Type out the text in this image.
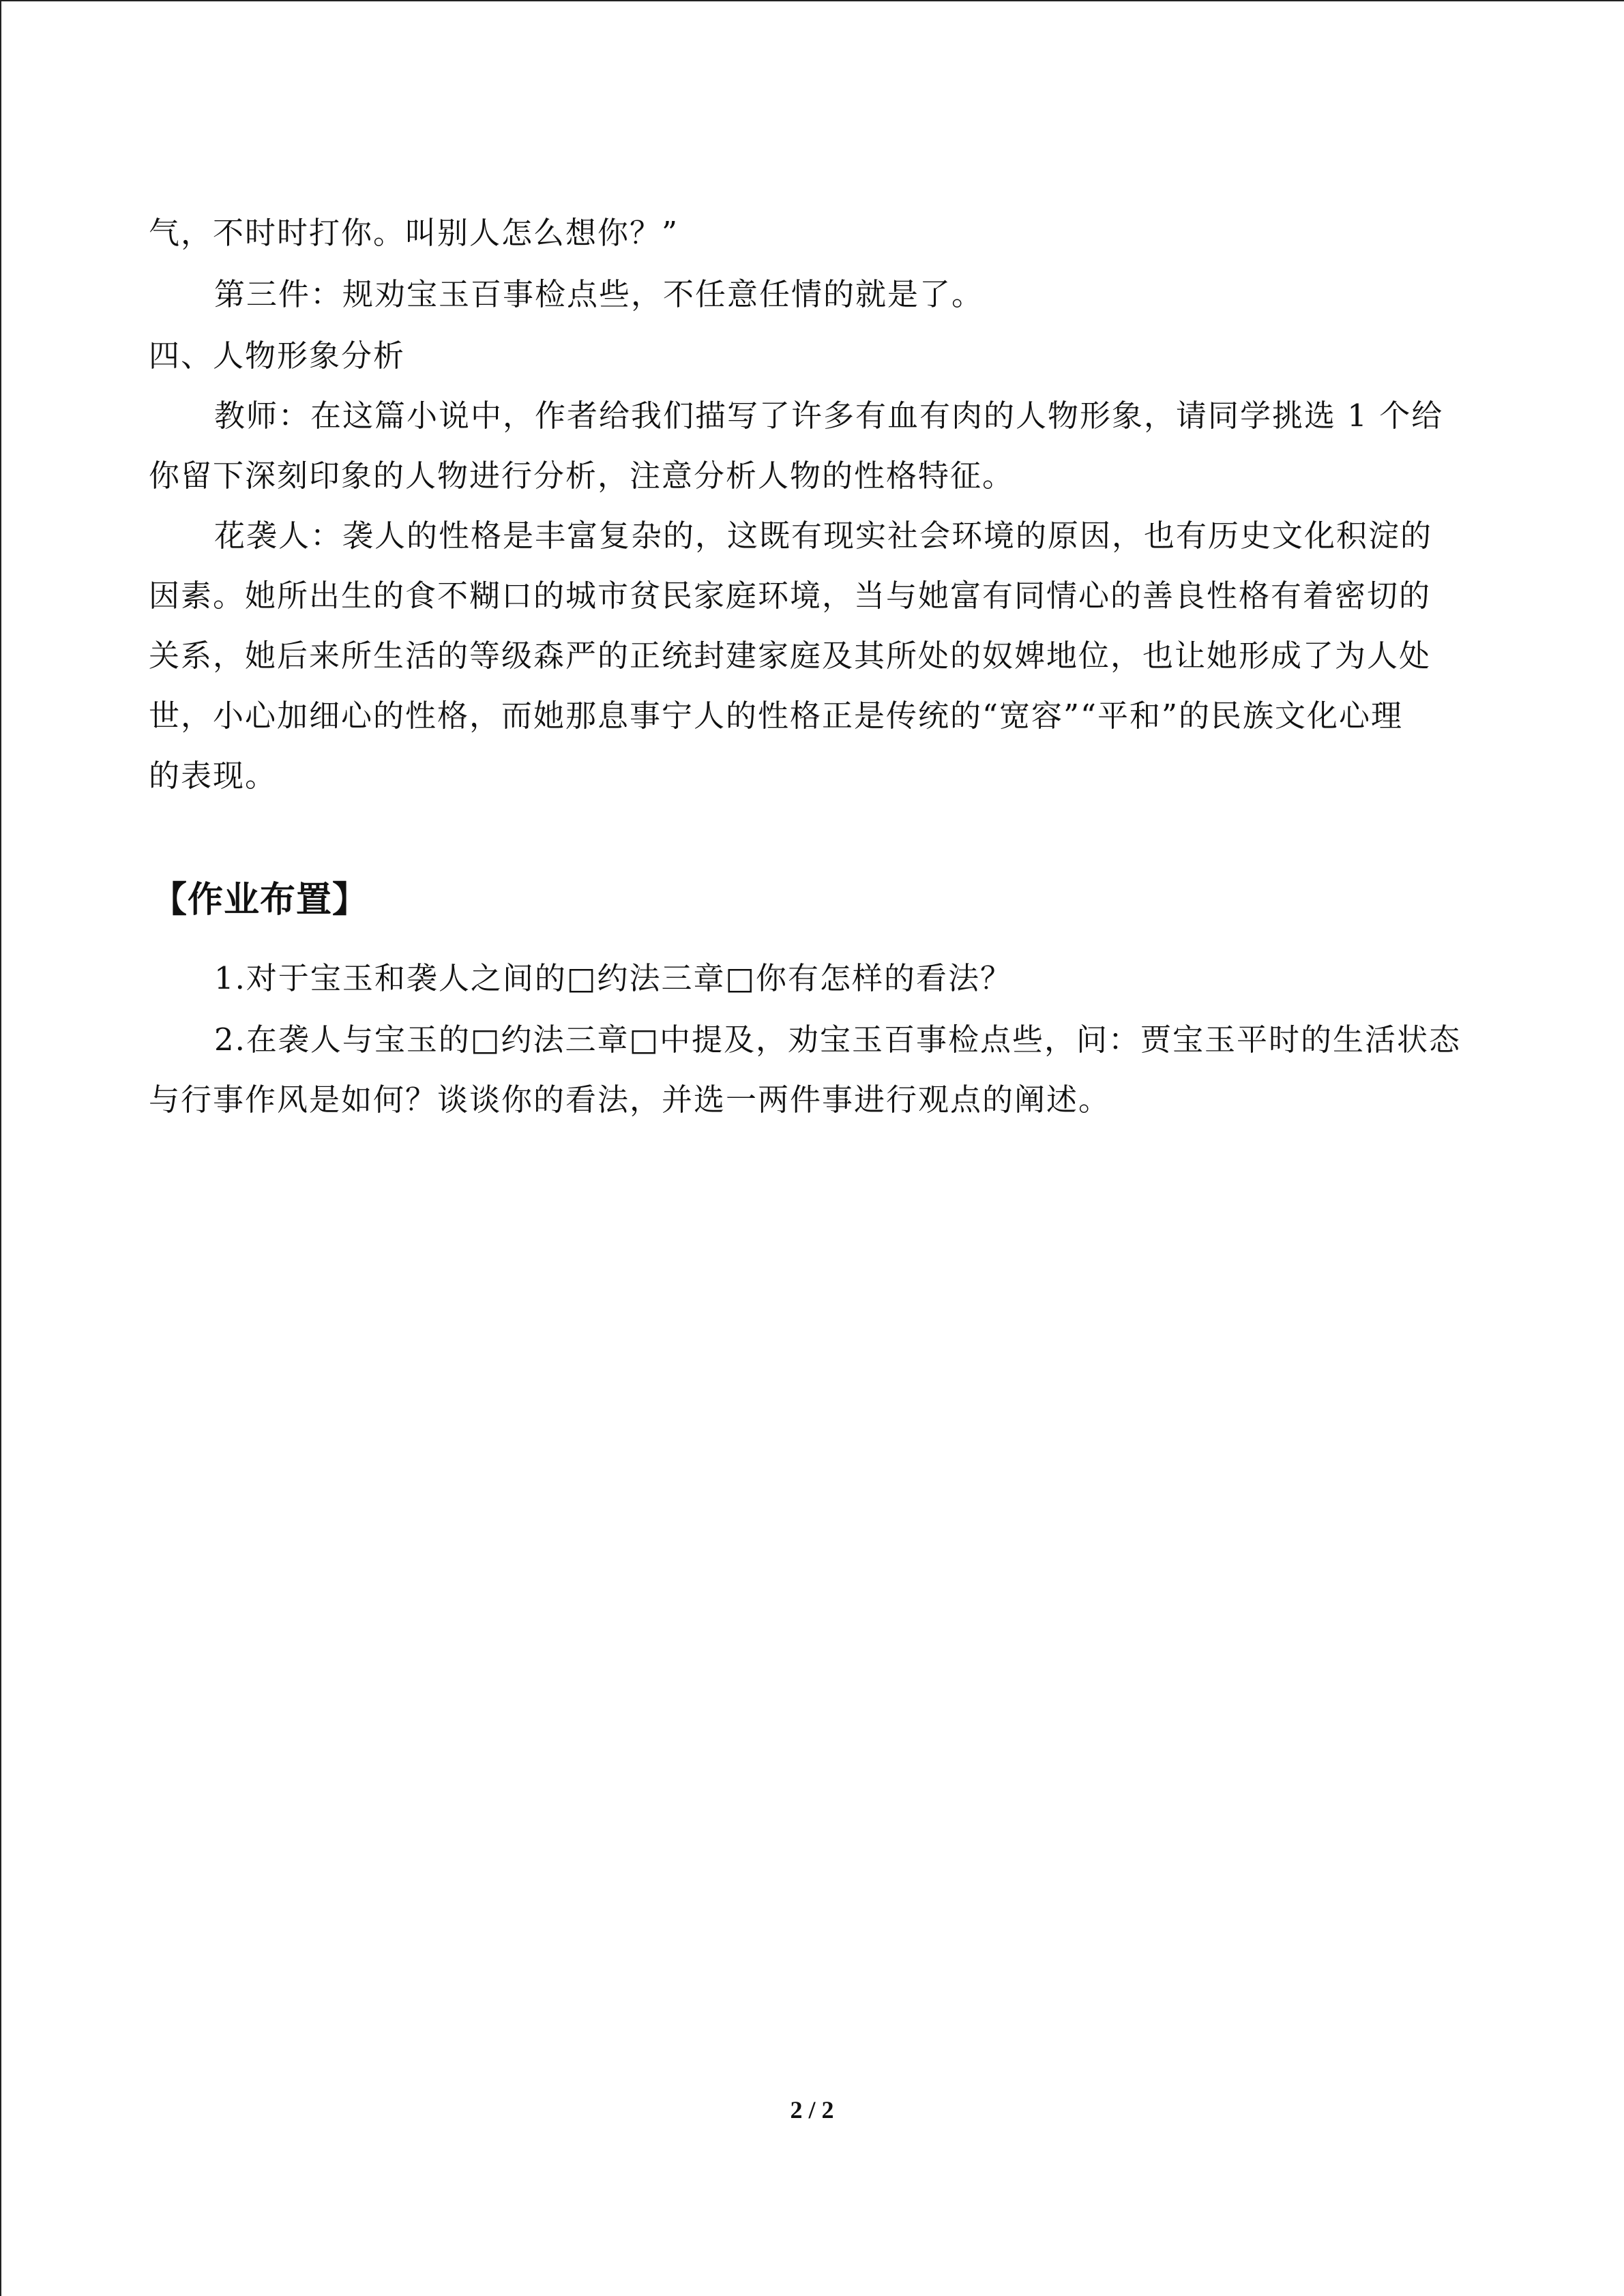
气，不时时打你。叫别人怎么想你？”
第三件：规劝宝玉百事检点些，不任意任情的就是了。
四、人物形象分析
教师：在这篇小说中，作者给我们描写了许多有血有肉的人物形象，请同学挑选 1 个给
你留下深刻印象的人物进行分析，注意分析人物的性格特征。
花袭人：袭人的性格是丰富复杂的，这既有现实社会环境的原因，也有历史文化积淀的
因素。她所出生的食不糊口的城市贫民家庭环境，当与她富有同情心的善良性格有着密切的
关系，她后来所生活的等级森严的正统封建家庭及其所处的奴婢地位，也让她形成了为人处
世，小心加细心的性格，而她那息事宁人的性格正是传统的“宽容”“平和”的民族文化心理
的表现。
【作业布置】
1.对于宝玉和袭人之间的□约法三章□你有怎样的看法？
2.在袭人与宝玉的□约法三章□中提及，劝宝玉百事检点些，问：贾宝玉平时的生活状态
与行事作风是如何？谈谈你的看法，并选一两件事进行观点的阐述。
2 / 2
